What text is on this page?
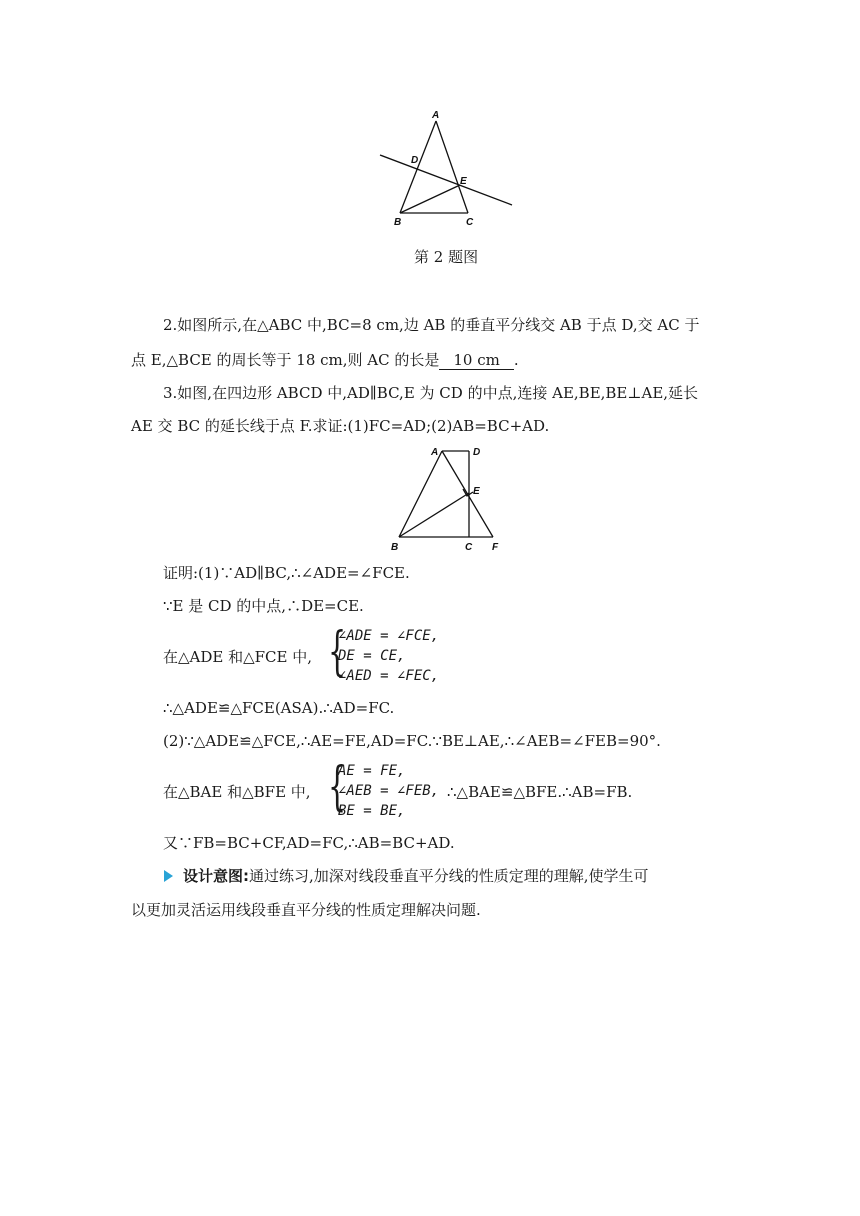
A
D
E
B	C
第 2 题图
2.如图所示,在△ABC 中,BC=8 cm,边 AB 的垂直平分线交 AB 于点 D,交 AC 于
点 E,△BCE 的周长等于 18 cm,则 AC 的长是 10 cm .
3.如图,在四边形 ABCD 中,AD∥BC,E 为 CD 的中点,连接 AE,BE,BE⊥AE,延长
AE 交 BC 的延长线于点 F.求证:(1)FC=AD;(2)AB=BC+AD.
A	D
E
B	C F
证明:(1)∵AD∥BC,∴∠ADE=∠FCE.
∵E 是 CD 的中点,∴DE=CE.
在△ADE 和△FCE 中, {
∠ADE = ∠FCE,
DE = CE,
∠AED = ∠FEC,
∴△ADE≌△FCE(ASA).∴AD=FC.
(2)∵△ADE≌△FCE,∴AE=FE,AD=FC.∵BE⊥AE,∴∠AEB=∠FEB=90°.
在△BAE 和△BFE 中, {
AE = FE,
∠AEB = ∠FEB,
BE = BE,
∴△BAE≌△BFE.∴AB=FB.
又∵FB=BC+CF,AD=FC,∴AB=BC+AD.
设计意图:通过练习,加深对线段垂直平分线的性质定理的理解,使学生可
以更加灵活运用线段垂直平分线的性质定理解决问题.
